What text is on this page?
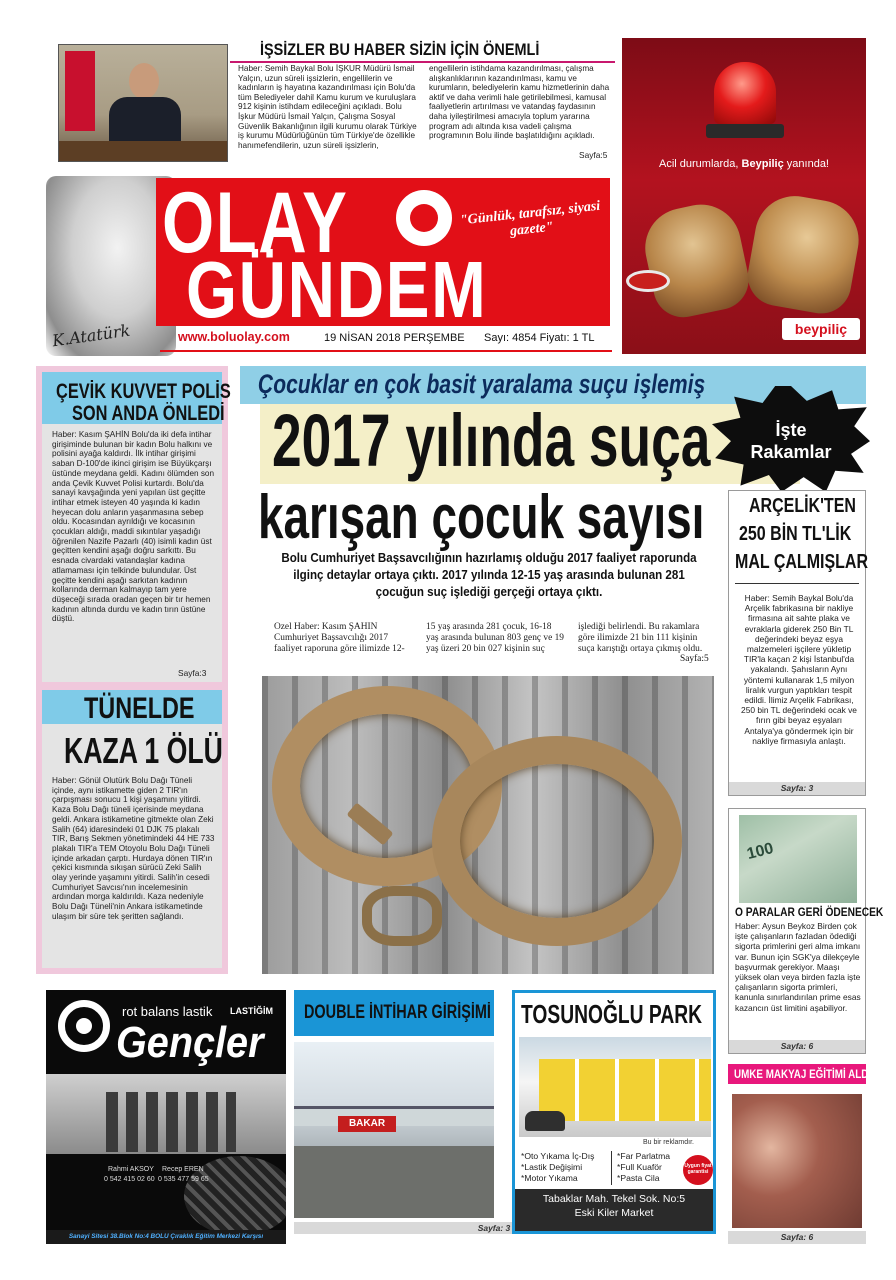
İŞSİZLER BU HABER SİZİN İÇİN ÖNEMLİ
Haber: Semih Baykal Bolu İŞKUR Müdürü İsmail Yalçın, uzun süreli işsizlerin, engellilerin ve kadınların iş hayatına kazandırılması için Bolu'da tüm Belediyeler dahil Kamu kurum ve kuruluşlara 912 kişinin istihdam edileceğini açıkladı. Bolu İşkur Müdürü İsmail Yalçın, Çalışma Sosyal Güvenlik Bakanlığının ilgili kurumu olarak Türkiye iş kurumu Müdürlüğünün tüm Türkiye'de özellikle hanımefendilerin, uzun süreli işsizlerin, engellilerin istihdama kazandırılması, çalışma alışkanlıklarının kazandırılması, kamu ve kurumların, belediyelerin kamu hizmetlerinin daha aktif ve daha verimli hale getirilebilmesi, kamusal faaliyetlerin artırılması ve vatandaş faydasının daha iyileştirilmesi amacıyla toplum yararına program adı altında kısa vadeli çalışma programının Bolu ilinde başlatıldığını açıkladı.
Sayfa:5
Acil durumlarda, Beypiliç yanında!
beypiliç
K.Atatürk
OLAY	"Günlük, tarafsız, siyasi gazete"
GÜNDEM
www.boluolay.com	19 NİSAN 2018 PERŞEMBE Sayı: 4854 Fiyatı: 1 TL
ÇEVİK KUVVET POLİS
SON ANDA ÖNLEDİ
Haber: Kasım ŞAHİN Bolu'da iki defa intihar girişiminde bulunan bir kadın Bolu halkını ve polisini ayağa kaldırdı. İlk intihar girişimi saban D-100'de ikinci girişim ise Büyükçarşı üstünde meydana geldi. Kadını ölümden son anda Çevik Kuvvet Polisi kurtardı. Bolu'da sanayi kavşağında yeni yapılan üst geçitte intihar etmek isteyen 40 yaşında ki kadın heyecan dolu anların yaşanmasına sebep oldu. Kocasından ayrıldığı ve kocasının çocukları aldığı, maddi sıkıntılar yaşadığı öğrenilen Nazife Pazarlı (40) isimli kadın üst geçitten kendini aşağı doğru sarkıttı. Bu esnada civardaki vatandaşlar kadına atlamaması için telkinde bulundular. Üst geçitte kendini aşağı sarkıtan kadının kollarında derman kalmayıp tam yere düşeceği sırada oradan geçen bir tır hemen kadının altında durdu ve kadın tırın üstüne düştü.
Sayfa:3
TÜNELDE
KAZA 1 ÖLÜ
Haber: Gönül Olutürk Bolu Dağı Tüneli içinde, aynı istikamette giden 2 TIR'ın çarpışması sonucu 1 kişi yaşamını yitirdi. Kaza Bolu Dağı tüneli içerisinde meydana geldi. Ankara istikametine gitmekte olan Zeki Salih (64) idaresindeki 01 DJK 75 plakalı TIR, Barış Sekmen yönetimindeki 44 HE 733 plakalı TIR'a TEM Otoyolu Bolu Dağı Tüneli içinde arkadan çarptı. Hurdaya dönen TIR'ın çekici kısmında sıkışan sürücü Zeki Salih olay yerinde yaşamını yitirdi. Salih'in cesedi Cumhuriyet Savcısı'nın incelemesinin ardından morga kaldırıldı. Kaza nedeniyle Bolu Dağı Tüneli'nin Ankara istikametinde ulaşım bir süre tek şeritten sağlandı.
Çocuklar en çok basit yaralama suçu işlemiş
2017 yılında suça	İşte
Rakamlar
karışan çocuk sayısı
Bolu Cumhuriyet Başsavcılığının hazırlamış olduğu 2017 faaliyet raporunda ilginç detaylar ortaya çıktı. 2017 yılında 12-15 yaş arasında bulunan 281 çocuğun suç işlediği gerçeği ortaya çıktı.
Özel Haber: Kasım ŞAHİN Cumhuriyet Başsavcılığı 2017 faaliyet raporuna göre ilimizde 12-15 yaş arasında 281 çocuk, 16-18 yaş arasında bulunan 803 genç ve 19 yaş üzeri 20 bin 027 kişinin suç işlediği belirlendi. Bu rakamlara göre ilimizde 21 bin 111 kişinin suça karıştığı ortaya çıkmış oldu.
Sayfa:5
ARÇELİK'TEN
250 BİN TL'LİK
MAL ÇALMIŞLAR
Haber: Semih Baykal Bolu'da Arçelik fabrikasına bir nakliye firmasına ait sahte plaka ve evraklarla giderek 250 Bin TL değerindeki beyaz eşya malzemeleri işçilere yükletip TIR'la kaçan 2 kişi İstanbul'da yakalandı. Şahısların Aynı yöntemi kullanarak 1,5 milyon liralık vurgun yaptıkları tespit edildi. İlimiz Arçelik Fabrikası, 250 bin TL değerindeki ocak ve fırın gibi beyaz eşyaları Antalya'ya göndermek için bir nakliye firmasıyla anlaştı.
Sayfa: 3
100
O PARALAR GERİ ÖDENECEK
Haber: Aysun Beykoz Birden çok işte çalışanların fazladan ödediği sigorta primlerini geri alma imkanı var. Bunun için SGK'ya dilekçeyle başvurmak gerekiyor. Maaşı yüksek olan veya birden fazla işte çalışanların sigorta primleri, kanunla sınırlandırılan prime esas kazancın üst limitini aşabiliyor.
Sayfa: 6
UMKE MAKYAJ EĞİTİMİ ALDI
Sayfa: 6
rot balans lastik LASTİĞİM
Gençler
Rahmi AKSOY
0 542 415 02 60
Recep EREN
0 535 477 59 65
Sanayi Sitesi 38.Blok No:4 BOLU Çıraklık Eğitim Merkezi Karşısı
DOUBLE İNTİHAR GİRİŞİMİ
BAKAR
Sayfa: 3
TOSUNOĞLU PARK
Bu bir reklamdır.
*Oto Yıkama İç-Dış
*Lastik Değişimi
*Motor Yıkama
*Far Parlatma
*Full Kuaför
*Pasta Cila
Uygun fiyat garantisi
Tabaklar Mah. Tekel Sok. No:5
Eski Kiler Market
